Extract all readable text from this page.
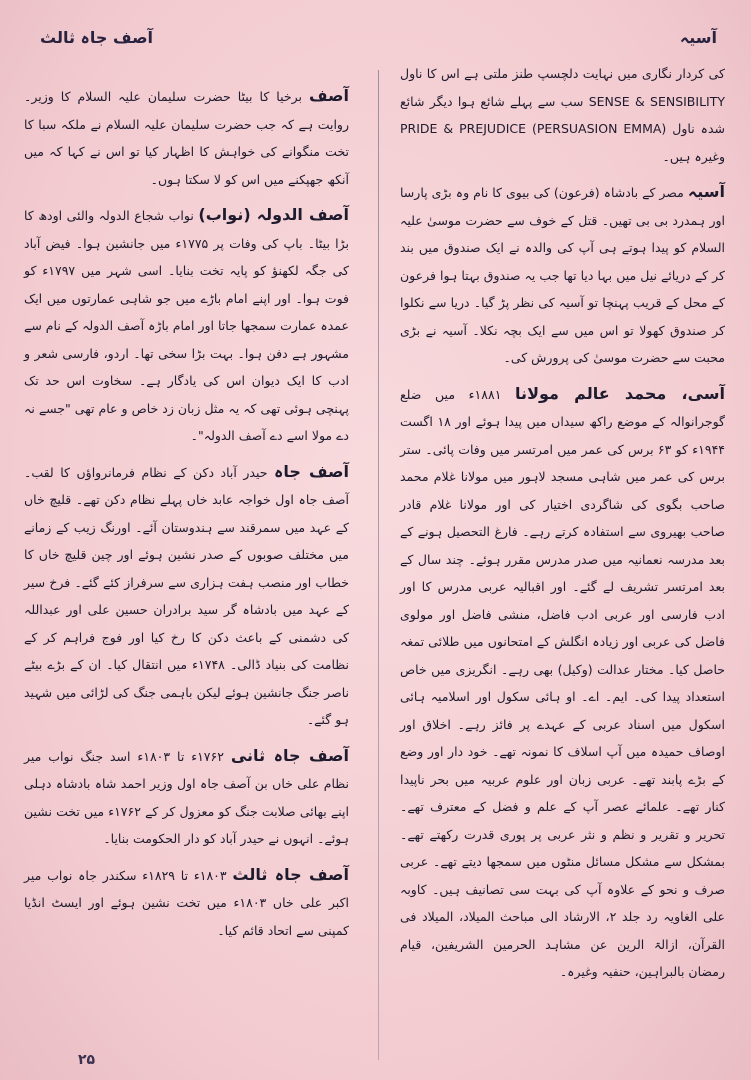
آسیہ
آصف جاہ ثالث
کی کردار نگاری میں نہایت دلچسپ طنز ملتی ہے اس کا ناول SENSE & SENSIBILITY سب سے پہلے شائع ہوا دیگر شائع شدہ ناول PRIDE & PREJUDICE (PERSUASION EMMA) وغیرہ ہیں۔
آسیہ مصر کے بادشاہ (فرعون) کی بیوی کا نام وہ بڑی پارسا اور ہمدرد بی بی تھیں۔ قتل کے خوف سے حضرت موسیٰ علیہ السلام کو پیدا ہوتے ہی آپ کی والدہ نے ایک صندوق میں بند کر کے دریائے نیل میں بہا دیا تھا جب یہ صندوق بہتا ہوا فرعون کے محل کے قریب پہنچا تو آسیہ کی نظر پڑ گیا۔ دریا سے نکلوا کر صندوق کھولا تو اس میں سے ایک بچہ نکلا۔ آسیہ نے بڑی محبت سے حضرت موسیٰ کی پرورش کی۔
آسی، محمد عالم مولانا ۱۸۸۱ء میں ضلع گوجرانوالہ کے موضع راکھ سیداں میں پیدا ہوئے اور ۱۸ اگست ۱۹۴۴ء کو ۶۳ برس کی عمر میں امرتسر میں وفات پائی۔ ستر برس کی عمر میں شاہی مسجد لاہور میں مولانا غلام محمد صاحب بگوی کی شاگردی اختیار کی اور مولانا غلام قادر صاحب بھیروی سے استفادہ کرتے رہے۔ فارغ التحصیل ہونے کے بعد مدرسہ نعمانیہ میں صدر مدرس مقرر ہوئے۔ چند سال کے بعد امرتسر تشریف لے گئے۔ اور اقبالیہ عربی مدرس کا اور ادب فارسی اور عربی ادب فاضل، منشی فاضل اور مولوی فاضل کی عربی اور زیادہ انگلش کے امتحانوں میں طلائی تمغہ حاصل کیا۔ مختار عدالت (وکیل) بھی رہے۔ انگریزی میں خاص استعداد پیدا کی۔ ایم۔ اے۔ او ہائی سکول اور اسلامیہ ہائی اسکول میں اسناد عربی کے عہدے پر فائز رہے۔ اخلاق اور اوصاف حمیدہ میں آپ اسلاف کا نمونہ تھے۔ خود دار اور وضع کے بڑے پابند تھے۔ عربی زبان اور علوم عربیہ میں بحر ناپیدا کنار تھے۔ علمائے عصر آپ کے علم و فضل کے معترف تھے۔ تحریر و تقریر و نظم و نثر عربی پر پوری قدرت رکھتے تھے۔ بمشکل سے مشکل مسائل منٹوں میں سمجھا دیتے تھے۔ عربی صرف و نحو کے علاوہ آپ کی بہت سی تصانیف ہیں۔ کاوبہ علی الغاویہ رد جلد ۲، الارشاد الی مباحث المیلاد، المیلاد فی القرآن، ازالۃ الرین عن مشاہد الحرمین الشریفین، قیام رمضان بالبراہین، حنفیہ وغیرہ۔
آصف برخیا کا بیٹا حضرت سلیمان علیہ السلام کا وزیر۔ روایت ہے کہ جب حضرت سلیمان علیہ السلام نے ملکہ سبا کا تخت منگوانے کی خواہش کا اظہار کیا تو اس نے کہا کہ میں آنکھ جھپکنے میں اس کو لا سکتا ہوں۔
آصف الدولہ (نواب) نواب شجاع الدولہ والئی اودھ کا بڑا بیٹا۔ باپ کی وفات پر ۱۷۷۵ء میں جانشین ہوا۔ فیض آباد کی جگہ لکھنؤ کو پایہ تخت بنایا۔ اسی شہر میں ۱۷۹۷ء کو فوت ہوا۔ اور اپنے امام باڑے میں جو شاہی عمارتوں میں ایک عمدہ عمارت سمجھا جاتا اور امام باڑہ آصف الدولہ کے نام سے مشہور ہے دفن ہوا۔ بہت بڑا سخی تھا۔ اردو، فارسی شعر و ادب کا ایک دیوان اس کی یادگار ہے۔ سخاوت اس حد تک پہنچی ہوئی تھی کہ یہ مثل زبان زد خاص و عام تھی "جسے نہ دے مولا اسے دے آصف الدولہ"۔
آصف جاہ حیدر آباد دکن کے نظام فرمانرواؤں کا لقب۔ آصف جاہ اول خواجہ عابد خاں پہلے نظام دکن تھے۔ قلیچ خاں کے عہد میں سمرقند سے ہندوستان آئے۔ اورنگ زیب کے زمانے میں مختلف صوبوں کے صدر نشین ہوئے اور چین قلیچ خاں کا خطاب اور منصب ہفت ہزاری سے سرفراز کئے گئے۔ فرخ سیر کے عہد میں بادشاہ گر سید برادران حسین علی اور عبداللہ کی دشمنی کے باعث دکن کا رخ کیا اور فوج فراہم کر کے نظامت کی بنیاد ڈالی۔ ۱۷۴۸ء میں انتقال کیا۔ ان کے بڑے بیٹے ناصر جنگ جانشین ہوئے لیکن باہمی جنگ کی لڑائی میں شہید ہو گئے۔
آصف جاہ ثانی ۱۷۶۲ء تا ۱۸۰۳ء اسد جنگ نواب میر نظام علی خاں بن آصف جاہ اول وزیر احمد شاہ بادشاہ دہلی اپنے بھائی صلابت جنگ کو معزول کر کے ۱۷۶۲ء میں تخت نشین ہوئے۔ انہوں نے حیدر آباد کو دار الحکومت بنایا۔
آصف جاہ ثالث ۱۸۰۳ء تا ۱۸۲۹ء سکندر جاہ نواب میر اکبر علی خاں ۱۸۰۳ء میں تخت نشین ہوئے اور ایسٹ انڈیا کمپنی سے اتحاد قائم کیا۔
۲۵
